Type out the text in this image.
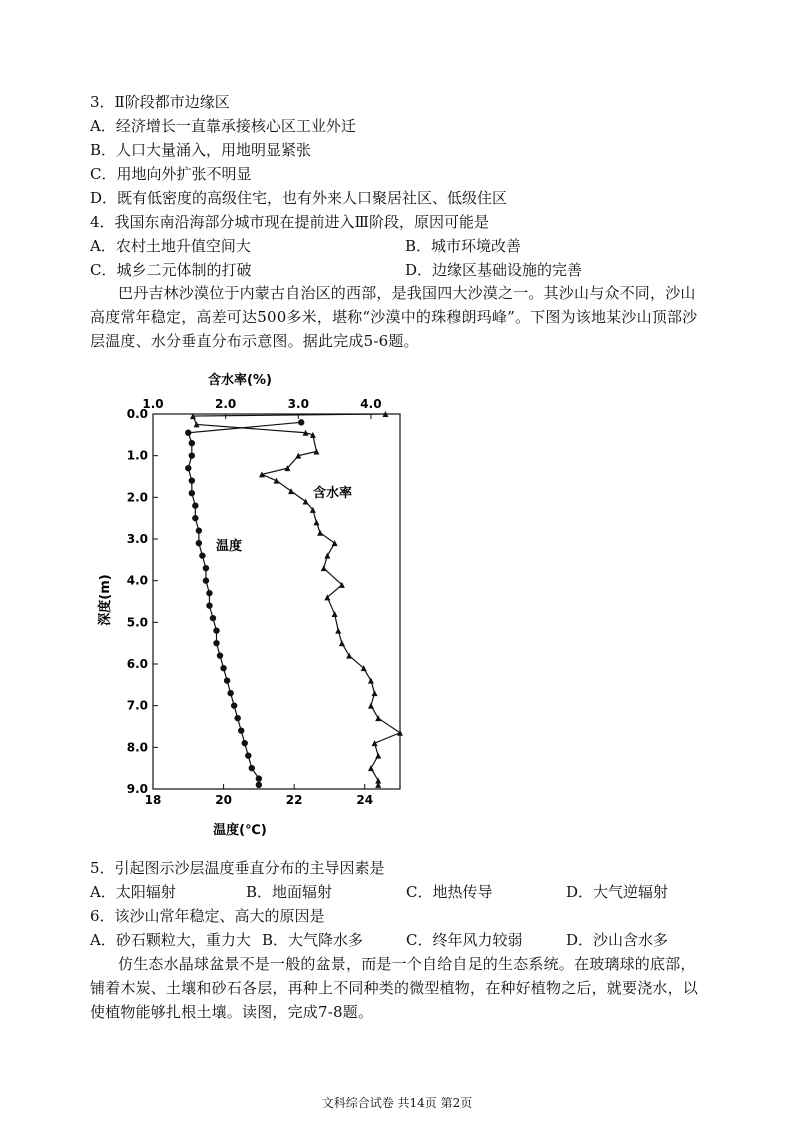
3．Ⅱ阶段都市边缘区
A．经济增长一直靠承接核心区工业外迁
B．人口大量涌入，用地明显紧张
C．用地向外扩张不明显
D．既有低密度的高级住宅，也有外来人口聚居社区、低级住区
4．我国东南沿海部分城市现在提前进入Ⅲ阶段，原因可能是
A．农村土地升值空间大	B．城市环境改善
C．城乡二元体制的打破	D．边缘区基础设施的完善
巴丹吉林沙漠位于内蒙古自治区的西部，是我国四大沙漠之一。其沙山与众不同，沙山高度常年稳定，高差可达500多米，堪称“沙漠中的珠穆朗玛峰”。下图为该地某沙山顶部沙层温度、水分垂直分布示意图。据此完成5-6题。
含水率(%)
温度(℃)
深度(m)
0.0
1.0
2.0
3.0
4.0
5.0
6.0
7.0
8.0
9.0
1.0	2.0	3.0	4.0
18	20	22	24
温度
含水率
5．引起图示沙层温度垂直分布的主导因素是
A．太阳辐射	B．地面辐射	C．地热传导	D．大气逆辐射
6．该沙山常年稳定、高大的原因是
A．砂石颗粒大，重力大 B．大气降水多	C．终年风力较弱	D．沙山含水多
仿生态水晶球盆景不是一般的盆景，而是一个自给自足的生态系统。在玻璃球的底部，铺着木炭、土壤和砂石各层，再种上不同种类的微型植物，在种好植物之后，就要浇水，以使植物能够扎根土壤。读图，完成7-8题。
文科综合试卷 共14页 第2页
